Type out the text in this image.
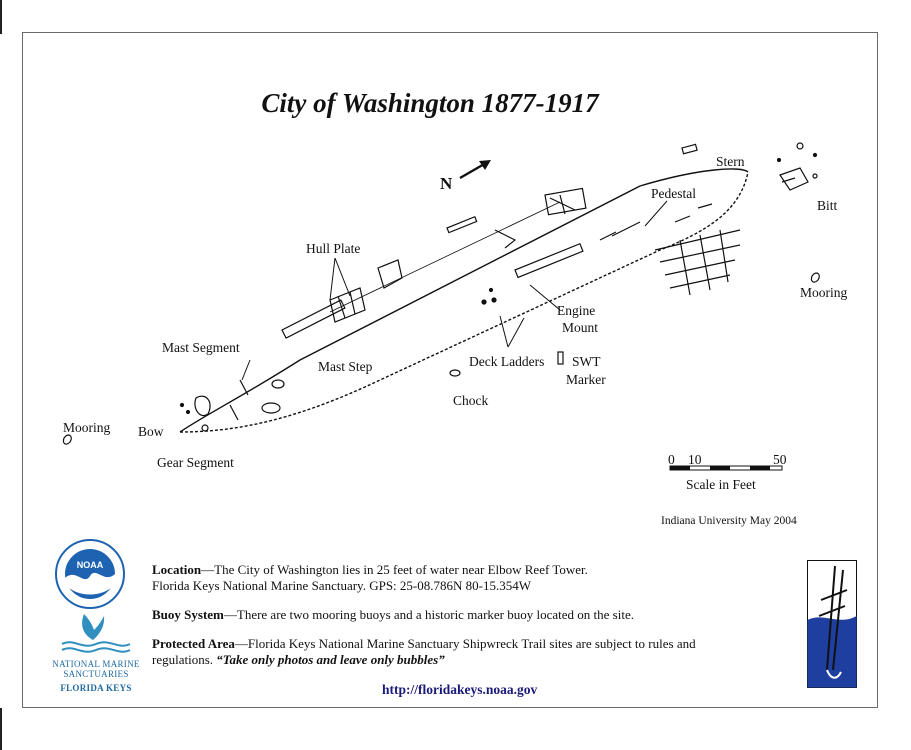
City of Washington 1877-1917
N
Stern
Pedestal
Bitt
Mooring
Hull Plate
Engine
Mount
Mast Segment
Mast Step	Deck Ladders SWT
Marker
Chock
Mooring Bow
Gear Segment	0 10	50
Scale in Feet
Indiana University May 2004
NOAA
NATIONAL MARINE
SANCTUARIES
FLORIDA KEYS
Location—The City of Washington lies in 25 feet of water near Elbow Reef Tower.
Florida Keys National Marine Sanctuary. GPS: 25-08.786N 80-15.354W
Buoy System—There are two mooring buoys and a historic marker buoy located on the site.
Protected Area—Florida Keys National Marine Sanctuary Shipwreck Trail sites are subject to rules and
regulations. “Take only photos and leave only bubbles”
http://floridakeys.noaa.gov
